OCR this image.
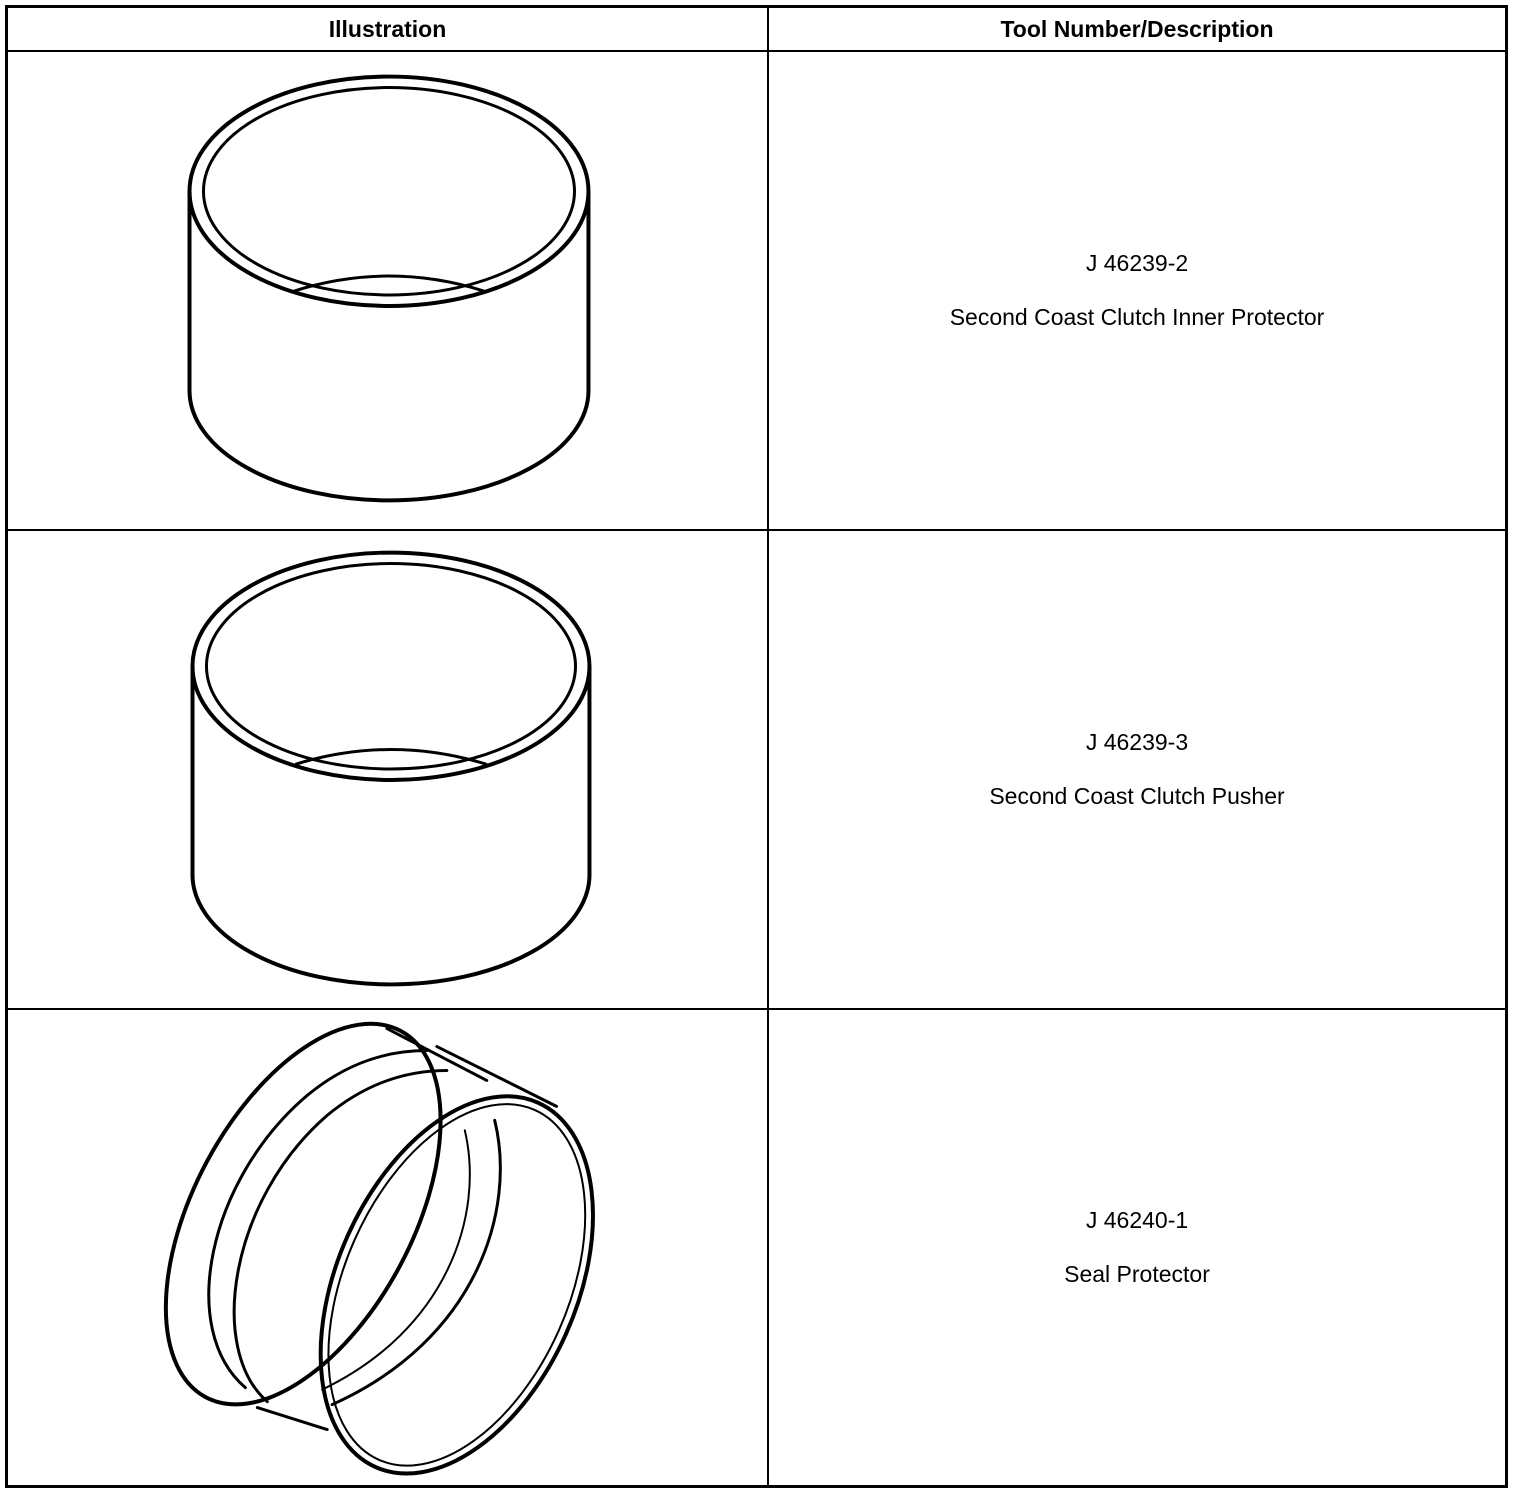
Illustration	Tool Number/Description
J 46239-2
Second Coast Clutch Inner Protector
J 46239-3
Second Coast Clutch Pusher
J 46240-1
Seal Protector
